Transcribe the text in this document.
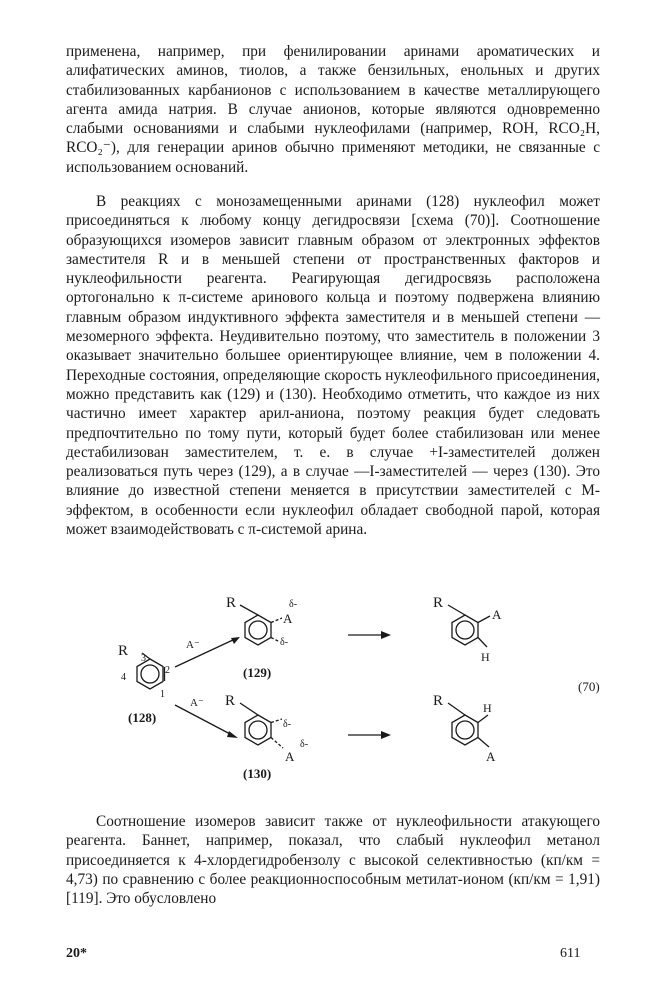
применена, например, при фенилировании аринами ароматических и алифатических аминов, тиолов, а также бензильных, енольных и других стабилизованных карбанионов с использованием в качестве металлирующего агента амида натрия. В случае анионов, которые являются одновременно слабыми основаниями и слабыми нуклеофилами (например, RОН, RCO₂H, RCO₂⁻), для генерации аринов обычно применяют методики, не связанные с использованием оснований.

В реакциях с монозамещенными аринами (128) нуклеофил может присоединяться к любому концу дегидросвязи [схема (70)]. Соотношение образующихся изомеров зависит главным образом от электронных эффектов заместителя R и в меньшей степени от пространственных факторов и нуклеофильности реагента. Реагирующая дегидросвязь расположена ортогонально к π-системе аринового кольца и поэтому подвержена влиянию главным образом индуктивного эффекта заместителя и в меньшей степени — мезомерного эффекта. Неудивительно поэтому, что заместитель в положении 3 оказывает значительно большее ориентирующее влияние, чем в положении 4. Переходные состояния, определяющие скорость нуклеофильного присоединения, можно представить как (129) и (130). Необходимо отметить, что каждое из них частично имеет характер арил-аниона, поэтому реакция будет следовать предпочтительно по тому пути, который будет более стабилизован или менее дестабилизован заместителем, т. е. в случае +I-заместителей должен реализоваться путь через (129), а в случае —I-заместителей — через (130). Это влияние до известной степени меняется в присутствии заместителей с M-эффектом, в особенности если нуклеофил обладает свободной парой, которая может взаимодействовать с π-системой арина.

R 3
4
2
1
(128)
A⁻
A⁻
R
A
δ-
δ-
(129)
R
δ-
δ-
A
(130)
R
A
H
R	H
A
(70)

Соотношение изомеров зависит также от нуклеофильности атакующего реагента. Баннет, например, показал, что слабый нуклеофил метанол присоединяется к 4-хлордегидробензолу с высокой селективностью (кп/км = 4,73) по сравнению с более реакционноспособным метилат-ионом (кп/км = 1,91) [119]. Это обусловлено

20*	611
